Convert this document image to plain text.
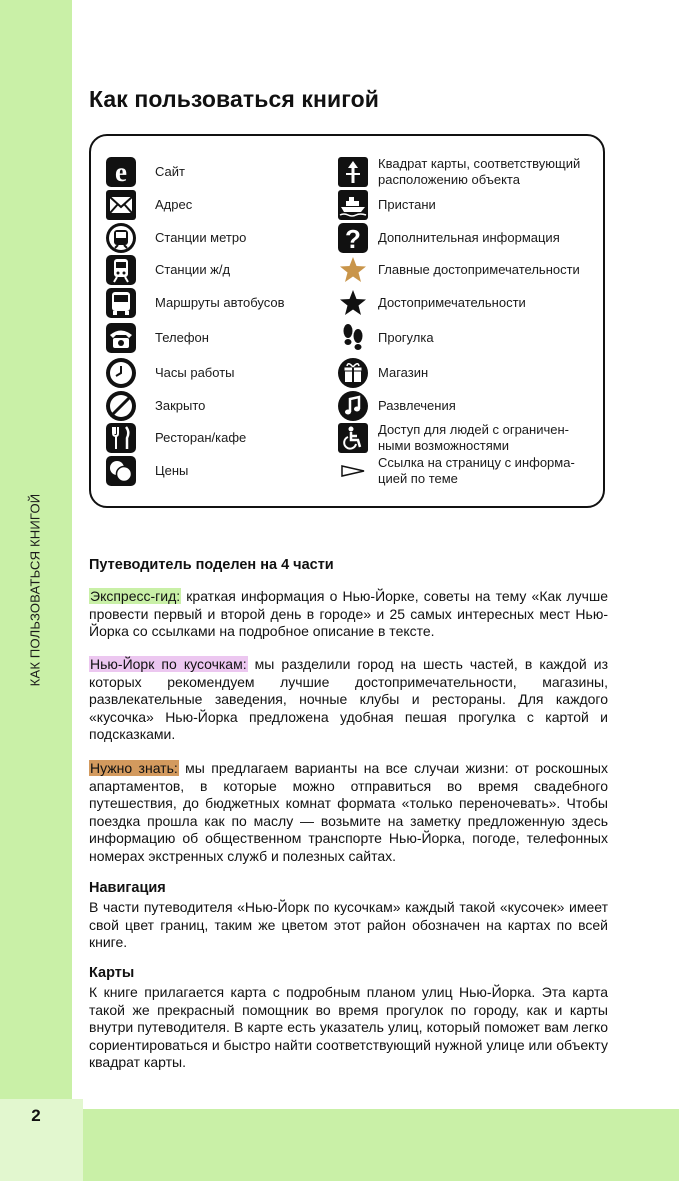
КАК ПОЛЬЗОВАТЬСЯ КНИГОЙ
2
Как пользоваться книгой
e Сайт
Адрес
Станции метро
Станции ж/д
Маршруты автобусов
Телефон
Часы работы
Закрыто
Ресторан/кафе
Цены
Квадрат карты, соответствующий расположению объекта
Пристани
? Дополнительная информация
Главные достопримечательности
Достопримечательности
Прогулка
Магазин
Развлечения
Доступ для людей с ограничен-ными возможностями
Ссылка на страницу с информа-цией по теме
Путеводитель поделен на 4 части

Экспресс-гид: краткая информация о Нью-Йорке, советы на тему «Как лучше провести первый и второй день в городе» и 25 самых интересных мест Нью-Йорка со ссылками на подробное описание в тексте.

Нью-Йорк по кусочкам: мы разделили город на шесть частей, в каждой из которых рекомендуем лучшие достопримечательности, магазины, развлекательные заведения, ночные клубы и рестораны. Для каждого «кусочка» Нью-Йорка предложена удобная пешая прогулка с картой и подсказками.

Нужно знать: мы предлагаем варианты на все случаи жизни: от роскошных апартаментов, в которые можно отправиться во время свадебного путешествия, до бюджетных комнат формата «только переночевать». Чтобы поездка прошла как по маслу — возьмите на заметку предложенную здесь информацию об общественном транспорте Нью-Йорка, погоде, телефонных номерах экстренных служб и полезных сайтах.

Навигация

В части путеводителя «Нью-Йорк по кусочкам» каждый такой «кусочек» имеет свой цвет границ, таким же цветом этот район обозначен на картах по всей книге.

Карты

К книге прилагается карта с подробным планом улиц Нью-Йорка. Эта карта такой же прекрасный помощник во время прогулок по городу, как и карты внутри путеводителя. В карте есть указатель улиц, который поможет вам легко сориентироваться и быстро найти соответствующий нужной улице или объекту квадрат карты.
